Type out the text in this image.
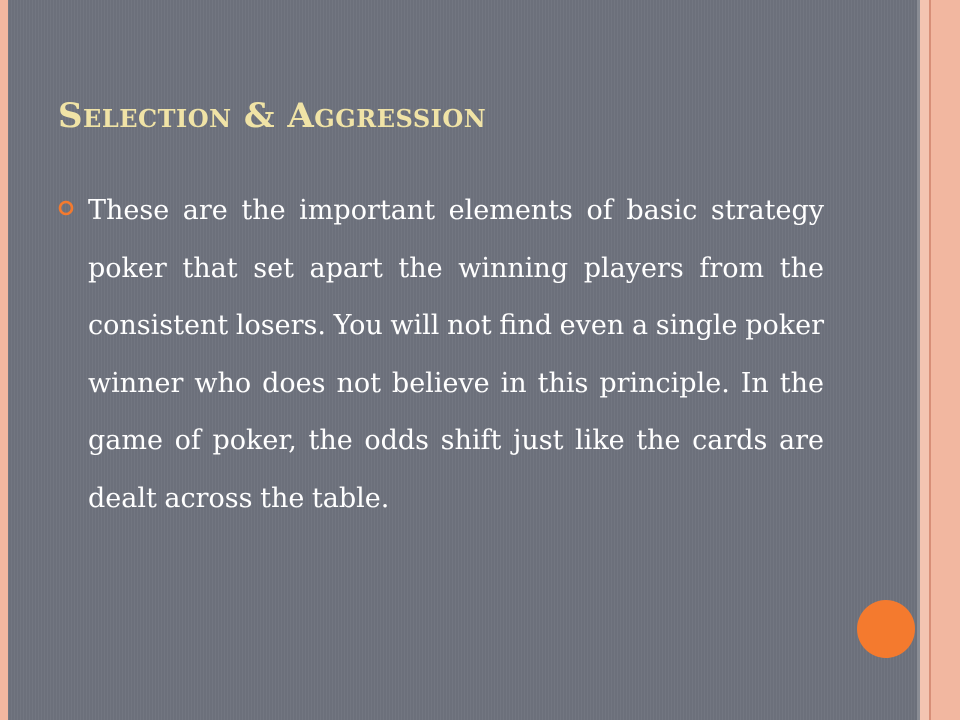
Selection & Aggression

These are the important elements of basic strategy poker that set apart the winning players from the consistent losers. You will not find even a single poker winner who does not believe in this principle. In the game of poker, the odds shift just like the cards are dealt across the table.
